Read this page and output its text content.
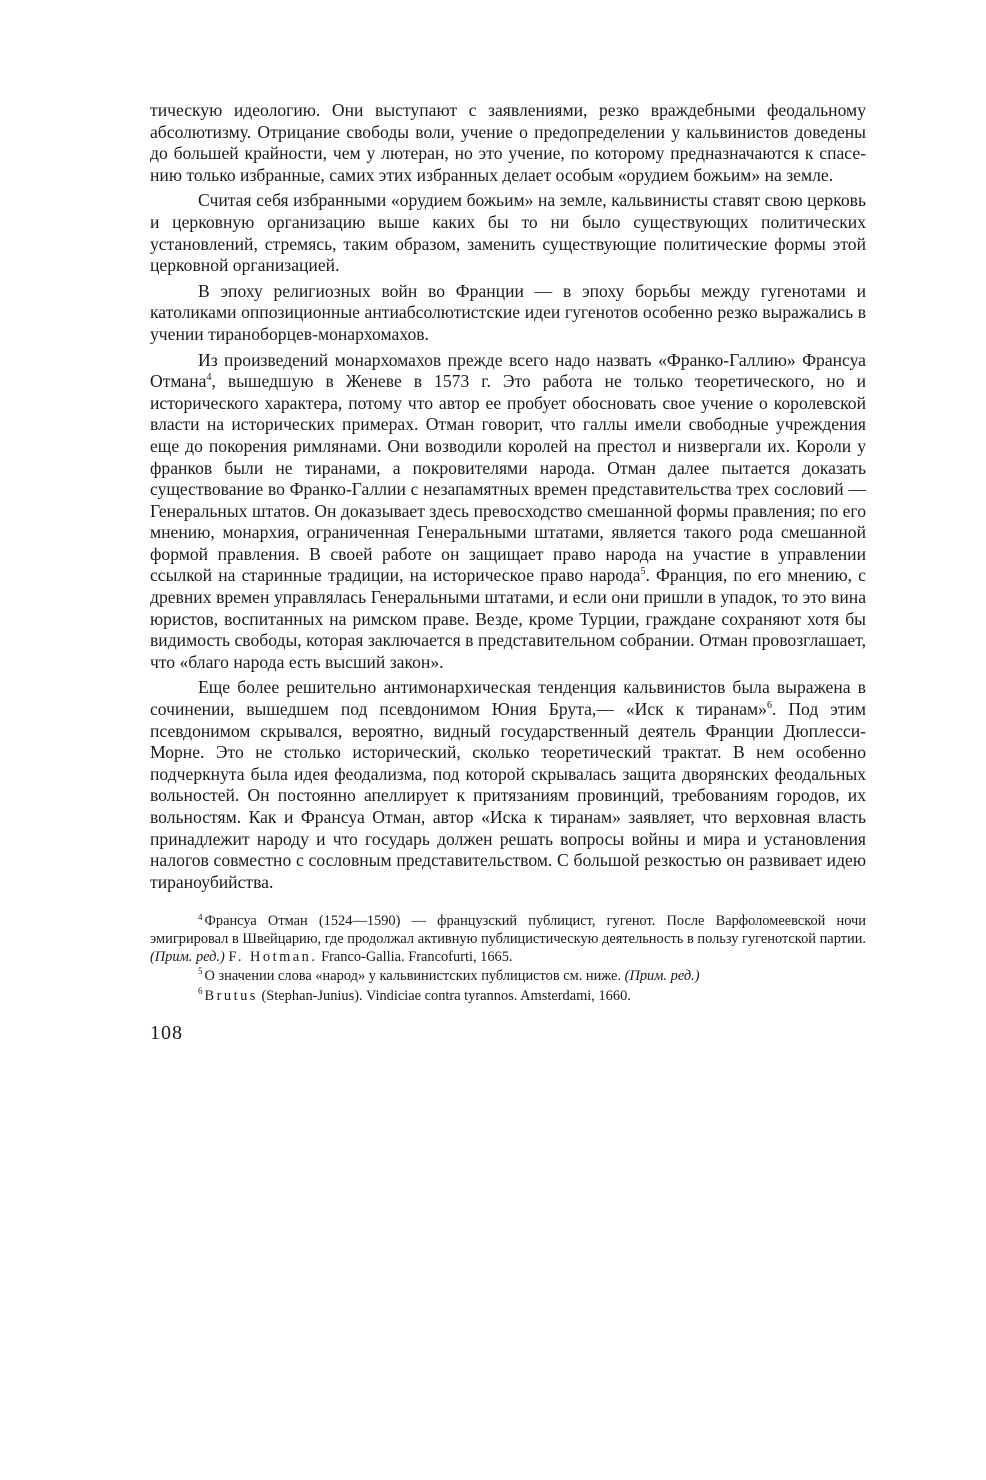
тическую идеологию. Они выступают с заявлениями, резко враждебными феодальному абсолютизму. Отрицание свободы воли, учение о предопределении у кальвинистов доведены до большей крайности, чем у лютеран, но это учение, по которому предназначаются к спасению только избранные, самих этих избранных делает особым «орудием божьим» на земле.

Считая себя избранными «орудием божьим» на земле, кальвинисты ставят свою церковь и церковную организацию выше каких бы то ни было существующих политических установлений, стремясь, таким образом, заменить существующие политические формы этой церковной организацией.

В эпоху религиозных войн во Франции — в эпоху борьбы между гугенотами и католиками оппозиционные антиабсолютистские идеи гугенотов особенно резко выражались в учении тираноборцев-монархомахов.

Из произведений монархомахов прежде всего надо назвать «Франко-Галлию» Франсуа Отмана$^4$, вышедшую в Женеве в 1573 г. Это работа не только теоретического, но и исторического характера, потому что автор ее пробует обосновать свое учение о королевской власти на исторических примерах. Отман говорит, что галлы имели свободные учреждения еще до покорения римлянами. Они возводили королей на престол и низвергали их. Короли у франков были не тиранами, а покровителями народа. Отман далее пытается доказать существование во Франко-Галлии с незапамятных времен представительства трех сословий — Генеральных штатов. Он доказывает здесь превосходство смешанной формы правления; по его мнению, монархия, ограниченная Генеральными штатами, является такого рода смешанной формой правления. В своей работе он защищает право народа на участие в управлении ссылкой на старинные традиции, на историческое право народа$^5$. Франция, по его мнению, с древних времен управлялась Генеральными штатами, и если они пришли в упадок, то это вина юристов, воспитанных на римском праве. Везде, кроме Турции, граждане сохраняют хотя бы видимость свободы, которая заключается в представительном собрании. Отман провозглашает, что «благо народа есть высший закон».

Еще более решительно антимонархическая тенденция кальвинистов была выражена в сочинении, вышедшем под псевдонимом Юния Брута,— «Иск к тиранам»$^6$. Под этим псевдонимом скрывался, вероятно, видный государственный деятель Франции Дюплесси-Морне. Это не столько исторический, сколько теоретический трактат. В нем особенно подчеркнута была идея феодализма, под которой скрывалась защита дворянских феодальных вольностей. Он постоянно апеллирует к притязаниям провинций, требованиям городов, их вольностям. Как и Франсуа Отман, автор «Иска к тиранам» заявляет, что верховная власть принадлежит народу и что государь должен решать вопросы войны и мира и установления налогов совместно с сословным представительством. С большой резкостью он развивает идею тираноубийства.

$^4$ Франсуа Отман (1524—1590) — французский публицист, гугенот. После Варфоломеевской ночи эмигрировал в Швейцарию, где продолжал активную публицистическую деятельность в пользу гугенотской партии.(Прим. ред.) F. Hotman. Franco-Gallia. Francofurti, 1665.

$^5$ О значении слова «народ» у кальвинистских публицистов см. ниже. (Прим. ред.)

$^6$ Brutus (Stephan-Junius). Vindiciae contra tyrannos. Amsterdami, 1660.

108
